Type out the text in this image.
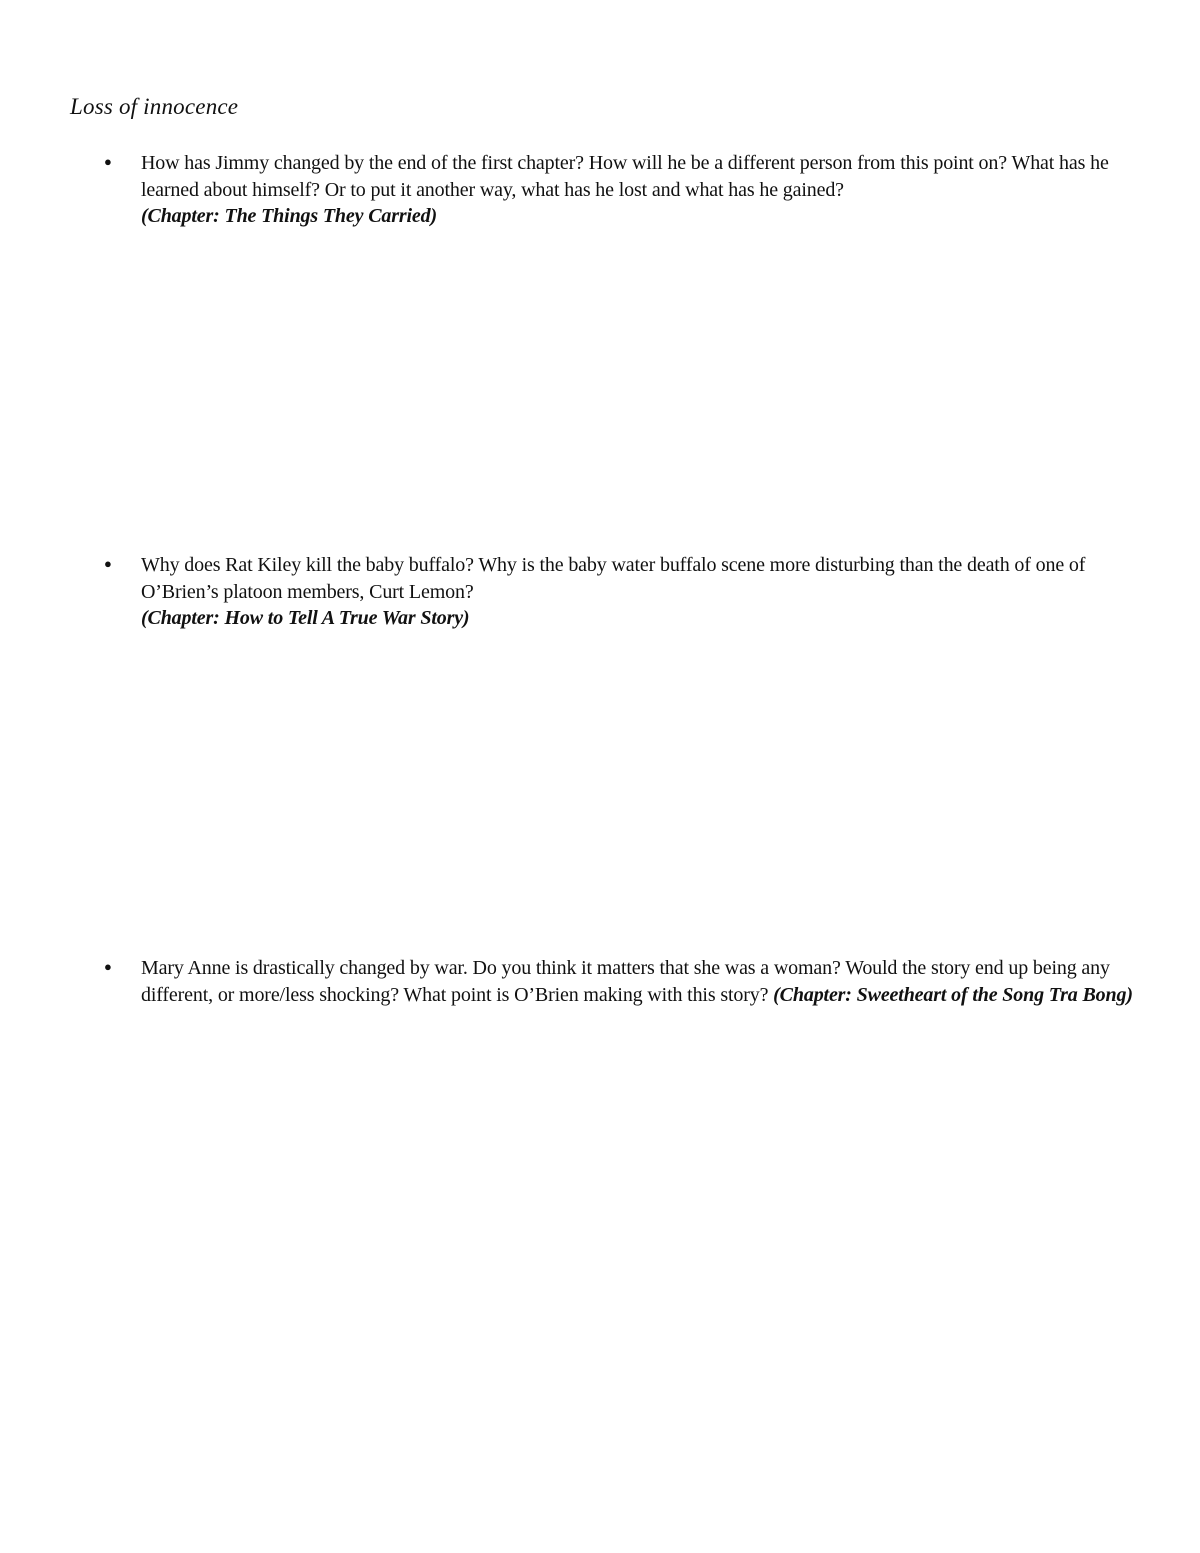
Loss of innocence
● How has Jimmy changed by the end of the first chapter? How will he be a different person from this point on? What has he learned about himself? Or to put it another way, what has he lost and what has he gained?
(Chapter: The Things They Carried)
● Why does Rat Kiley kill the baby buffalo? Why is the baby water buffalo scene more disturbing than the death of one of O’Brien’s platoon members, Curt Lemon?
(Chapter: How to Tell A True War Story)
● Mary Anne is drastically changed by war. Do you think it matters that she was a woman? Would the story end up being any different, or more/less shocking? What point is O’Brien making with this story? (Chapter: Sweetheart of the Song Tra Bong)
